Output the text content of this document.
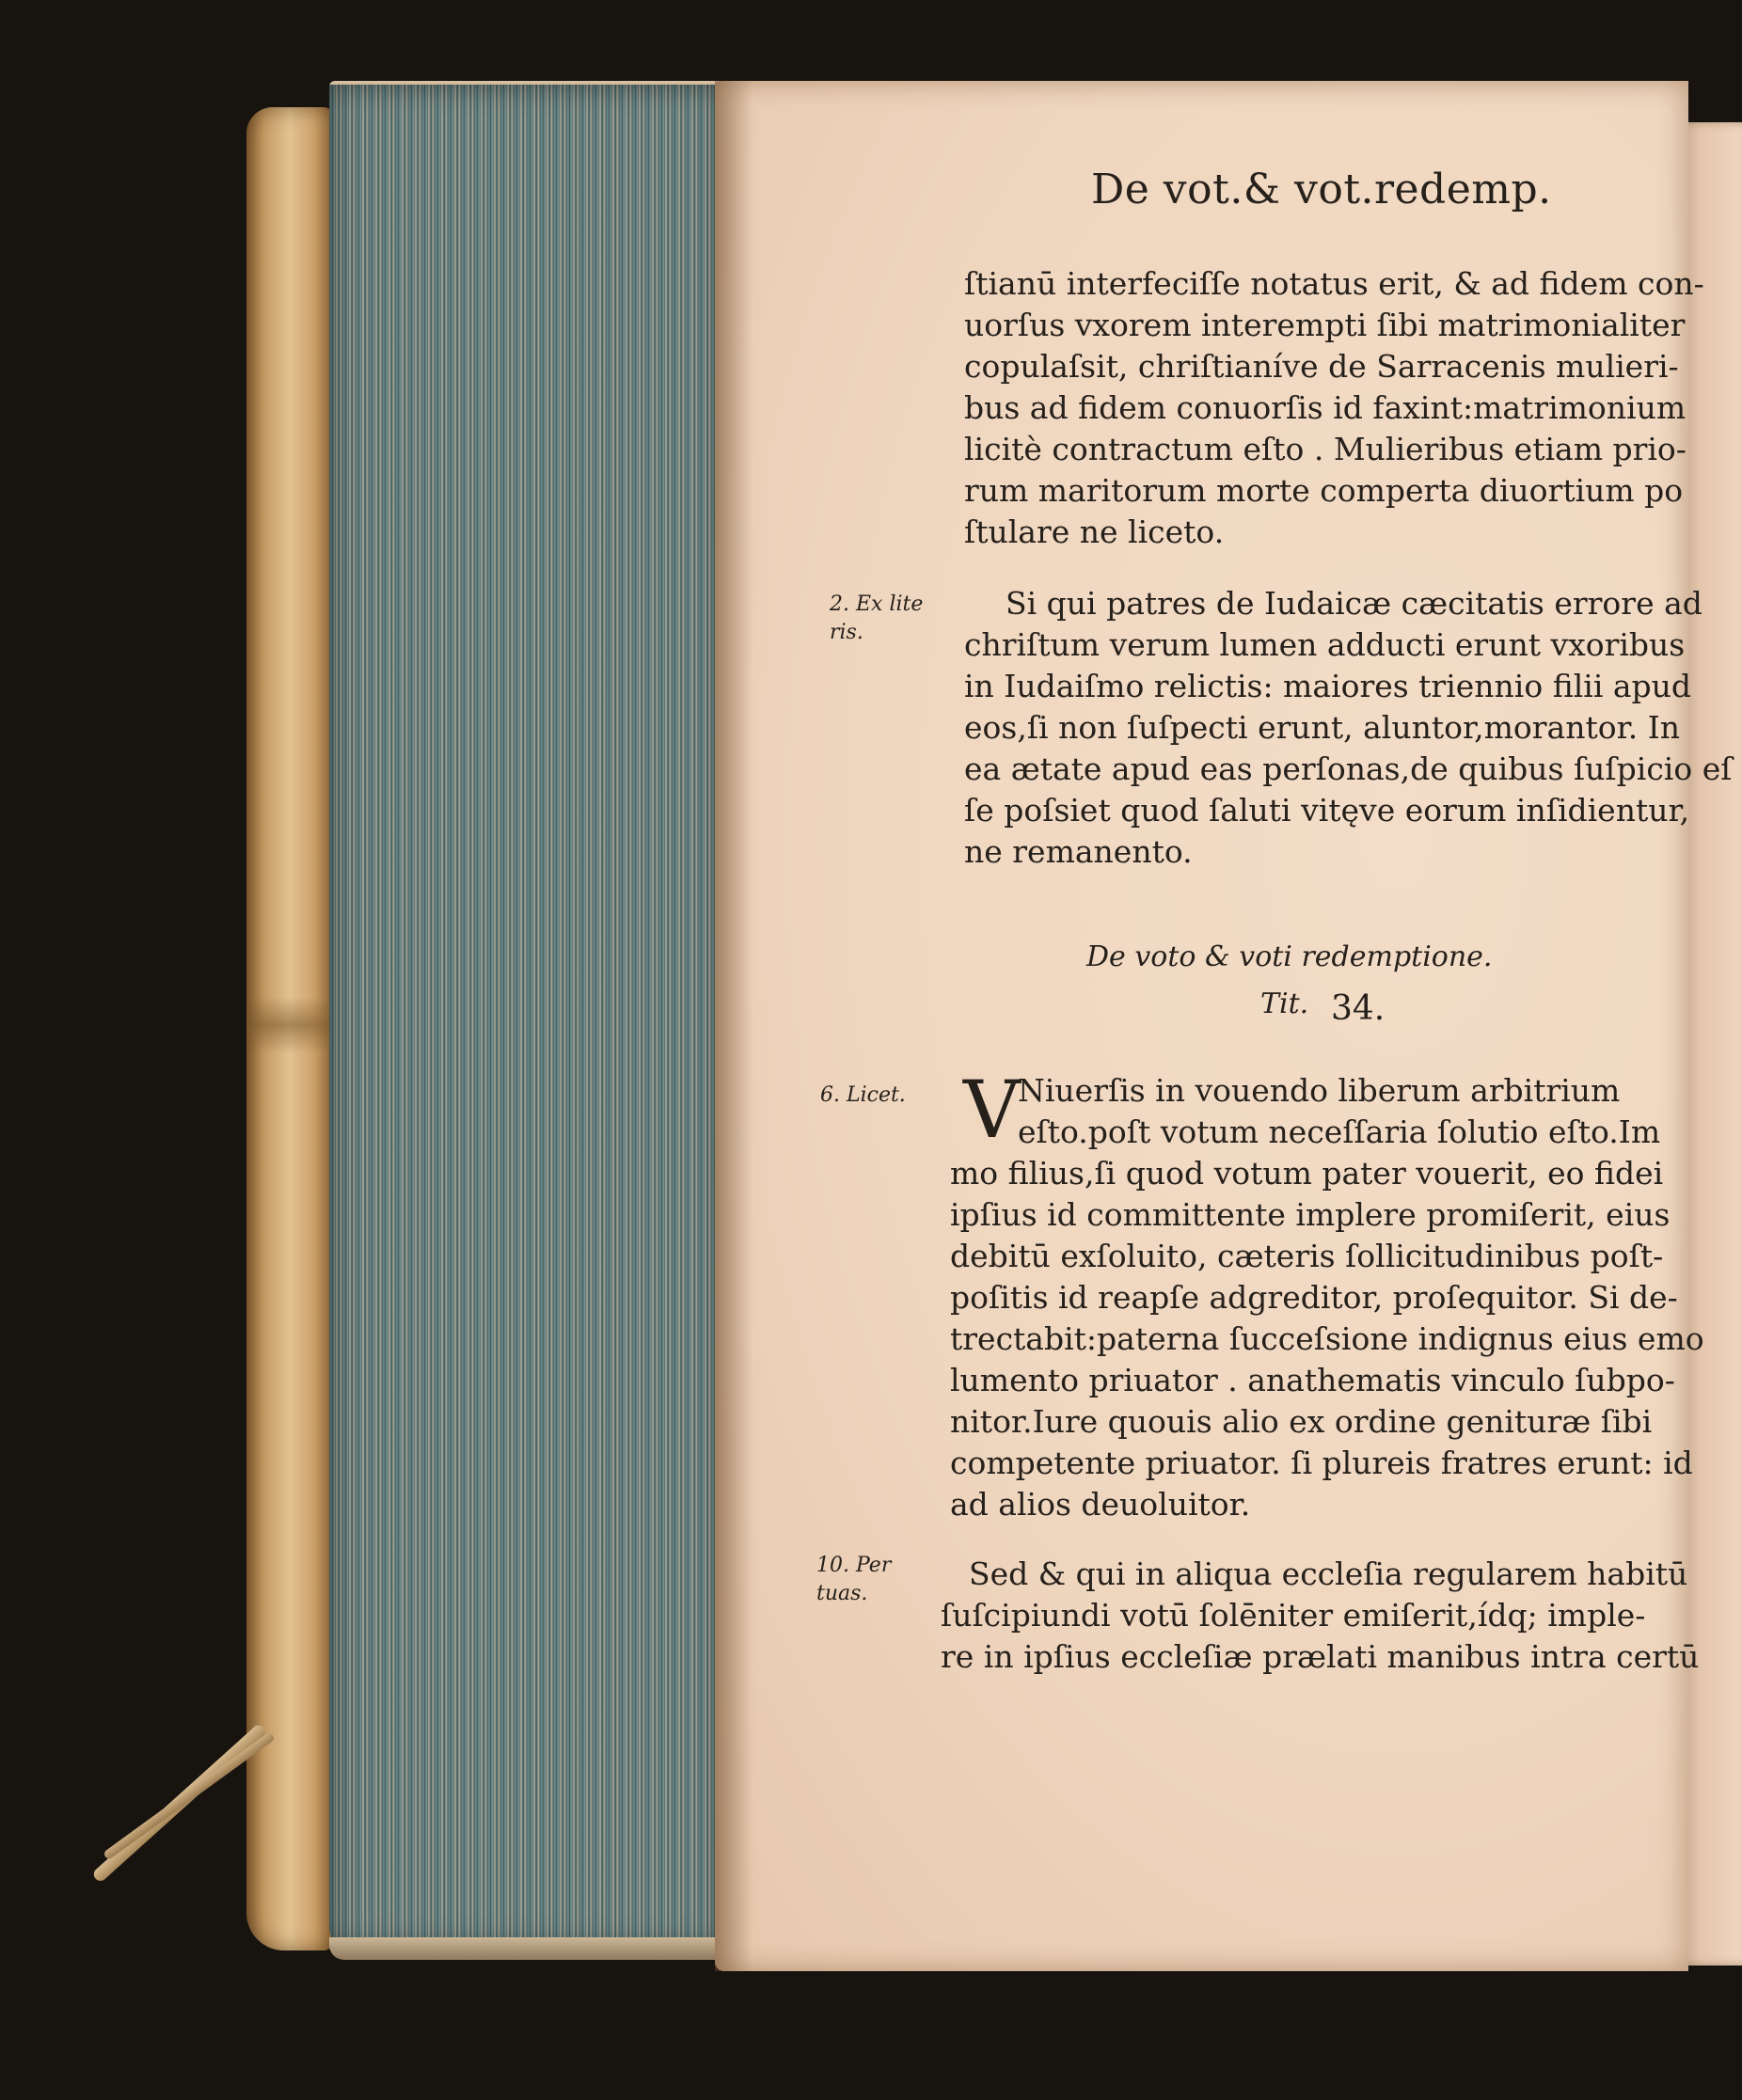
De vot.& vot.redemp.
ſtianū interfeciſſe notatus erit, & ad fidem con-
uorſus vxorem interempti ſibi matrimonialiter
copulaſsit, chriſtianíve de Sarracenis mulieri-
bus ad fidem conuorſis id faxint:matrimonium
licitè contractum eſto . Mulieribus etiam prio-
rum maritorum morte comperta diuortium po
ſtulare ne liceto.
2. Ex lite
ris.
Si qui patres de Iudaicæ cæcitatis errore ad
chriſtum verum lumen adducti erunt vxoribus
in Iudaiſmo relictis: maiores triennio filii apud
eos,ſi non ſuſpecti erunt, aluntor,morantor. In
ea ætate apud eas perſonas,de quibus ſuſpicio eſ
ſe poſsiet quod ſaluti vitęve eorum inſidientur,
ne remanento.
De voto & voti redemptione.
Tit. 34.
6. Licet. V
Niuerſis in vouendo liberum arbitrium
eſto.poſt votum neceſſaria ſolutio eſto.Im
mo filius,ſi quod votum pater vouerit, eo fidei
ipſius id committente implere promiſerit, eius
debitū exſoluito, cæteris ſollicitudinibus poſt-
poſitis id reapſe adgreditor, proſequitor. Si de-
trectabit:paterna ſucceſsione indignus eius emo
lumento priuator . anathematis vinculo ſubpo-
nitor.Iure quouis alio ex ordine genituræ ſibi
competente priuator. ſi plureis fratres erunt: id
ad alios deuoluitor.
10. Per
tuas.
Sed & qui in aliqua eccleſia regularem habitū
ſuſcipiundi votū ſolēniter emiſerit,ídq; imple-
re in ipſius eccleſiæ prælati manibus intra certū
